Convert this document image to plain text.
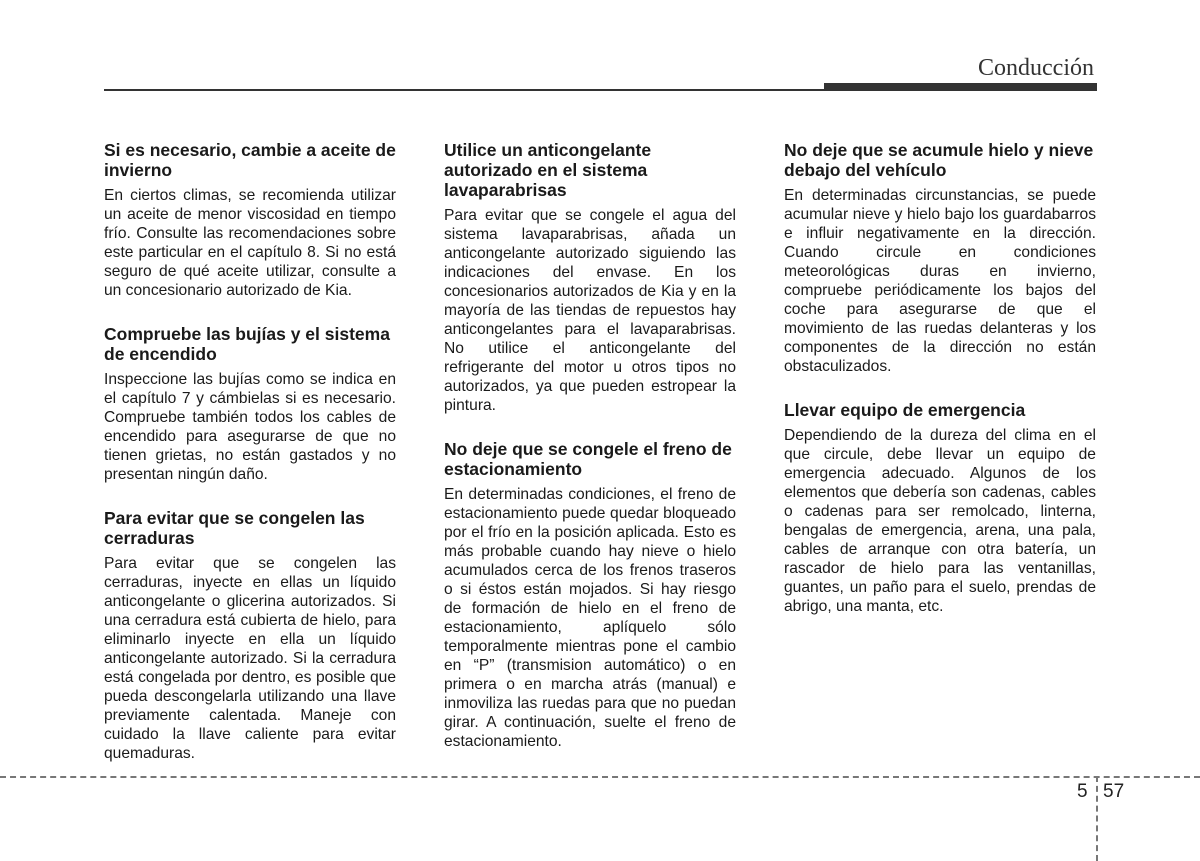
Conducción
Si es necesario, cambie a aceite de invierno

En ciertos climas, se recomienda utilizar un aceite de menor viscosidad en tiempo frío. Consulte las recomendaciones sobre este particular en el capítulo 8. Si no está seguro de qué aceite utilizar, consulte a un concesionario autorizado de Kia.

Compruebe las bujías y el sistema de encendido

Inspeccione las bujías como se indica en el capítulo 7 y cámbielas si es necesario. Compruebe también todos los cables de encendido para asegurarse de que no tienen grietas, no están gastados y no presentan ningún daño.

Para evitar que se congelen las cerraduras

Para evitar que se congelen las cerraduras, inyecte en ellas un líquido anticongelante o glicerina autorizados. Si una cerradura está cubierta de hielo, para eliminarlo inyecte en ella un líquido anticongelante autorizado. Si la cerradura está congelada por dentro, es posible que pueda descongelarla utilizando una llave previamente calentada. Maneje con cuidado la llave caliente para evitar quemaduras.

Utilice un anticongelante autorizado en el sistema lavaparabrisas

Para evitar que se congele el agua del sistema lavaparabrisas, añada un anticongelante autorizado siguiendo las indicaciones del envase. En los concesionarios autorizados de Kia y en la mayoría de las tiendas de repuestos hay anticongelantes para el lavaparabrisas. No utilice el anticongelante del refrigerante del motor u otros tipos no autorizados, ya que pueden estropear la pintura.

No deje que se congele el freno de estacionamiento

En determinadas condiciones, el freno de estacionamiento puede quedar bloqueado por el frío en la posición aplicada. Esto es más probable cuando hay nieve o hielo acumulados cerca de los frenos traseros o si éstos están mojados. Si hay riesgo de formación de hielo en el freno de estacionamiento, aplíquelo sólo temporalmente mientras pone el cambio en “P” (transmision automático) o en primera o en marcha atrás (manual) e inmoviliza las ruedas para que no puedan girar. A continuación, suelte el freno de estacionamiento.

No deje que se acumule hielo y nieve debajo del vehículo

En determinadas circunstancias, se puede acumular nieve y hielo bajo los guardabarros e influir negativamente en la dirección. Cuando circule en condiciones meteorológicas duras en invierno, compruebe periódicamente los bajos del coche para asegurarse de que el movimiento de las ruedas delanteras y los componentes de la dirección no están obstaculizados.

Llevar equipo de emergencia

Dependiendo de la dureza del clima en el que circule, debe llevar un equipo de emergencia adecuado. Algunos de los elementos que debería son cadenas, cables o cadenas para ser remolcado, linterna, bengalas de emergencia, arena, una pala, cables de arranque con otra batería, un rascador de hielo para las ventanillas, guantes, un paño para el suelo, prendas de abrigo, una manta, etc.

5 57
